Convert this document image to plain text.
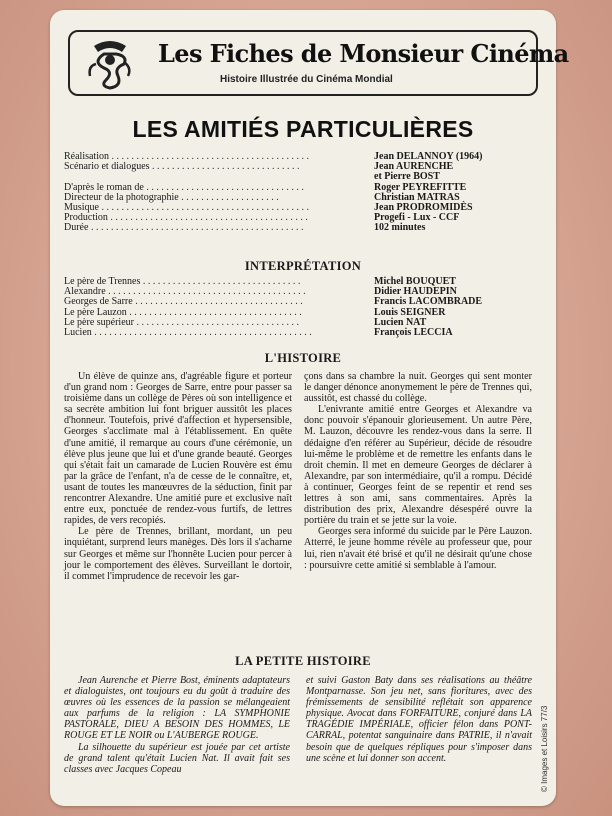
Les Fiches de Monsieur Cinéma
Histoire Illustrée du Cinéma Mondial
LES AMITIÉS PARTICULIÈRES
Réalisation . . . . . . . . . . . . . . . . . . . . . . . . . . . . . . . . . . . . . . . .	Jean DELANNOY (1964)
Scénario et dialogues . . . . . . . . . . . . . . . . . . . . . . . . . . . . . .	Jean AURENCHE
et Pierre BOST
D'après le roman de . . . . . . . . . . . . . . . . . . . . . . . . . . . . . . . .	Roger PEYREFITTE
Directeur de la photographie . . . . . . . . . . . . . . . . . . . .	Christian MATRAS
Musique . . . . . . . . . . . . . . . . . . . . . . . . . . . . . . . . . . . . . . . . . .	Jean PRODROMIDÈS
Production . . . . . . . . . . . . . . . . . . . . . . . . . . . . . . . . . . . . . . . .	Progefi - Lux - CCF
Durée . . . . . . . . . . . . . . . . . . . . . . . . . . . . . . . . . . . . . . . . . . .	102 minutes
INTERPRÉTATION
Le père de Trennes . . . . . . . . . . . . . . . . . . . . . . . . . . . . . . . .	Michel BOUQUET
Alexandre . . . . . . . . . . . . . . . . . . . . . . . . . . . . . . . . . . . . . . . .	Didier HAUDEPIN
Georges de Sarre . . . . . . . . . . . . . . . . . . . . . . . . . . . . . . . . . .	Francis LACOMBRADE
Le père Lauzon . . . . . . . . . . . . . . . . . . . . . . . . . . . . . . . . . . .	Louis SEIGNER
Le père supérieur . . . . . . . . . . . . . . . . . . . . . . . . . . . . . . . . .	Lucien NAT
Lucien . . . . . . . . . . . . . . . . . . . . . . . . . . . . . . . . . . . . . . . . . . . .	François LECCIA
L'HISTOIRE

Un élève de quinze ans, d'agréable figure et porteur d'un grand nom : Georges de Sarre, entre pour passer sa troisième dans un collège de Pères où son intelligence et sa secrète ambition lui font briguer aussitôt les places d'honneur. Toutefois, privé d'affection et hypersensible, Georges s'acclimate mal à l'établissement. En quête d'une amitié, il remarque au cours d'une cérémonie, un élève plus jeune que lui et d'une grande beauté. Georges qui s'était fait un camarade de Lucien Rouvère est ému par la grâce de l'enfant, n'a de cesse de le connaître, et, usant de toutes les manœuvres de la séduction, finit par rencontrer Alexandre. Une amitié pure et exclusive naît entre eux, ponctuée de rendez-vous furtifs, de lettres rapides, de vers recopiés.

Le père de Trennes, brillant, mordant, un peu inquiétant, surprend leurs manèges. Dès lors il s'acharne sur Georges et même sur l'honnête Lucien pour percer à jour le comportement des élèves. Surveillant le dortoir, il commet l'imprudence de recevoir les gar-

çons dans sa chambre la nuit. Georges qui sent monter le danger dénonce anonymement le père de Trennes qui, aussitôt, est chassé du collège.

L'enivrante amitié entre Georges et Alexandre va donc pouvoir s'épanouir glorieusement. Un autre Père, M. Lauzon, découvre les rendez-vous dans la serre. Il dédaigne d'en référer au Supérieur, décide de résoudre lui-même le problème et de remettre les enfants dans le droit chemin. Il met en demeure Georges de déclarer à Alexandre, par son intermédiaire, qu'il a rompu. Décidé à continuer, Georges feint de se repentir et rend ses lettres à son ami, sans commentaires. Après la distribution des prix, Alexandre désespéré ouvre la portière du train et se jette sur la voie.

Georges sera informé du suicide par le Père Lauzon. Atterré, le jeune homme révèle au professeur que, pour lui, rien n'avait été brisé et qu'il ne désirait qu'une chose : poursuivre cette amitié si semblable à l'amour.

LA PETITE HISTOIRE

Jean Aurenche et Pierre Bost, éminents adaptateurs et dialoguistes, ont toujours eu du goût à traduire des œuvres où les essences de la passion se mélangeaient aux parfums de la religion : LA SYMPHONIE PASTORALE, DIEU A BESOIN DES HOMMES, LE ROUGE ET LE NOIR ou L'AUBERGE ROUGE.

La silhouette du supérieur est jouée par cet artiste de grand talent qu'était Lucien Nat. Il avait fait ses classes avec Jacques Copeau

et suivi Gaston Baty dans ses réalisations au théâtre Montparnasse. Son jeu net, sans fioritures, avec des frémissements de sensibilité reflétait son apparence physique. Avocat dans FORFAITURE, conjuré dans LA TRAGÉDIE IMPÉRIALE, officier félon dans PONT-CARRAL, potentat sanguinaire dans PATRIE, il n'avait besoin que de quelques répliques pour s'imposer dans une scène et lui donner son accent.	© Images et Loisirs 77/3
